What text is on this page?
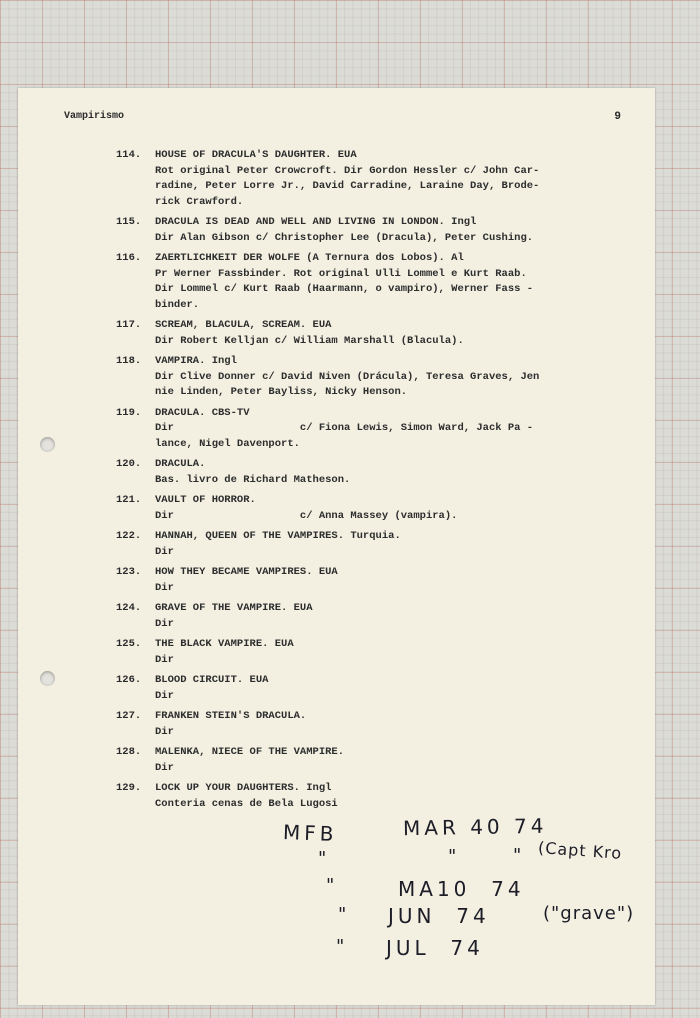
Vampirismo	9
114.	HOUSE OF DRACULA'S DAUGHTER. EUA
Rot original Peter Crowcroft. Dir Gordon Hessler c/ John Car-
radine, Peter Lorre Jr., David Carradine, Laraine Day, Brode-
rick Crawford.
115.	DRACULA IS DEAD AND WELL AND LIVING IN LONDON. Ingl
Dir Alan Gibson c/ Christopher Lee (Dracula), Peter Cushing.
116.	ZAERTLICHKEIT DER WOLFE (A Ternura dos Lobos). Al
Pr Werner Fassbinder. Rot original Ulli Lommel e Kurt Raab.
Dir Lommel c/ Kurt Raab (Haarmann, o vampiro), Werner Fass -
binder.
117.	SCREAM, BLACULA, SCREAM. EUA
Dir Robert Kelljan c/ William Marshall (Blacula).
118.	VAMPIRA. Ingl
Dir Clive Donner c/ David Niven (Drácula), Teresa Graves, Jen
nie Linden, Peter Bayliss, Nicky Henson.
119.	DRACULA. CBS-TV
Dir                    c/ Fiona Lewis, Simon Ward, Jack Pa -
lance, Nigel Davenport.
120.	DRACULA.
Bas. livro de Richard Matheson.
121.	VAULT OF HORROR.
Dir                    c/ Anna Massey (vampira).
122.	HANNAH, QUEEN OF THE VAMPIRES. Turquia.
Dir
123.	HOW THEY BECAME VAMPIRES. EUA
Dir
124.	GRAVE OF THE VAMPIRE. EUA
Dir
125.	THE BLACK VAMPIRE. EUA
Dir
126.	BLOOD CIRCUIT. EUA
Dir
127.	FRANKEN STEIN'S DRACULA.
Dir
128.	MALENKA, NIECE OF THE VAMPIRE.
Dir
129.	LOCK UP YOUR DAUGHTERS. Ingl
Conteria cenas de Bela Lugosi
MFB	MAR 40 74
"	"	" (Capt Kro
"	MA10  74
" JUN  74	("grave")
" JUL  74
